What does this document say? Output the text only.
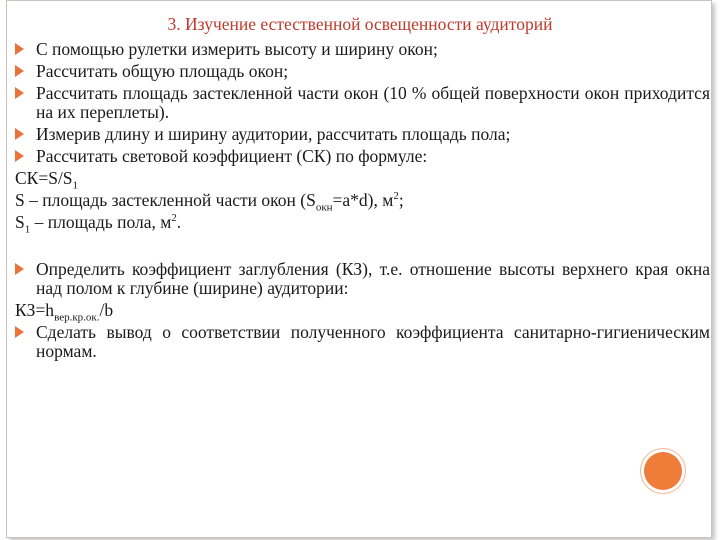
3. Изучение естественной освещенности аудиторий
С помощью рулетки измерить высоту и ширину окон;
Рассчитать общую площадь окон;
Рассчитать площадь застекленной части окон (10 % общей поверхности окон приходится на их переплеты).
Измерив длину и ширину аудитории, рассчитать площадь пола;
Рассчитать световой коэффициент (СК) по формуле:
$СК=S/S_1$
S – площадь застекленной части окон $(S_{окн}=a*d)$, $м^2$;
$S_1$ – площадь пола, $м^2$.
Определить коэффициент заглубления (КЗ), т.е. отношение высоты верхнего края окна над полом к глубине (ширине) аудитории:
$КЗ=h_{вер.кр.ок.}/b$
Сделать вывод о соответствии полученного коэффициента санитарно-гигиеническим нормам.
